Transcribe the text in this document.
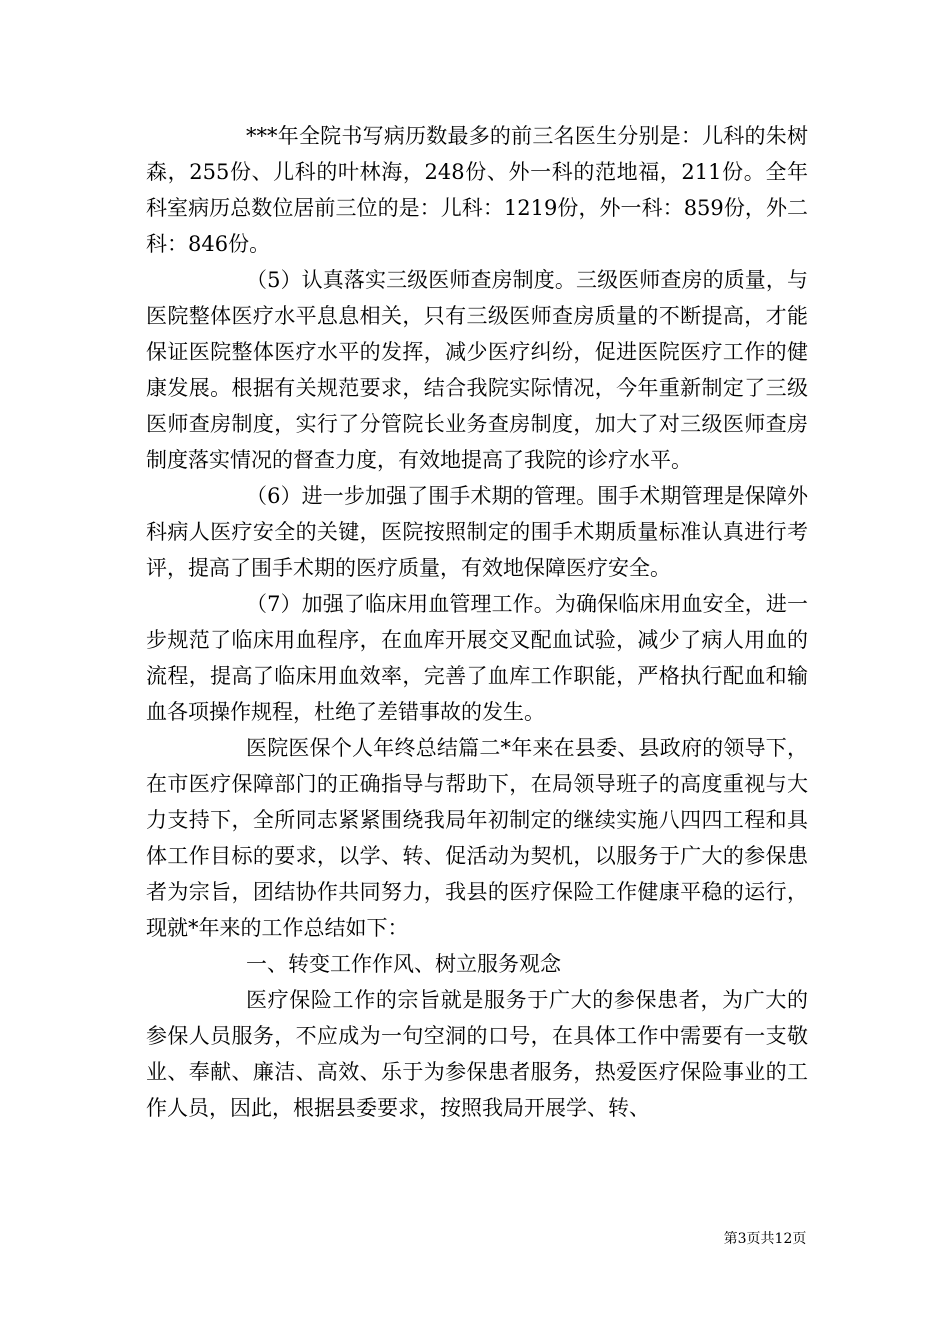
***年全院书写病历数最多的前三名医生分别是：儿科的朱树森，255份、儿科的叶林海，248份、外一科的范地福，211份。全年科室病历总数位居前三位的是：儿科：1219份，外一科：859份，外二科：846份。

（5）认真落实三级医师查房制度。三级医师查房的质量，与医院整体医疗水平息息相关，只有三级医师查房质量的不断提高，才能保证医院整体医疗水平的发挥，减少医疗纠纷，促进医院医疗工作的健康发展。根据有关规范要求，结合我院实际情况，今年重新制定了三级医师查房制度，实行了分管院长业务查房制度，加大了对三级医师查房制度落实情况的督查力度，有效地提高了我院的诊疗水平。

（6）进一步加强了围手术期的管理。围手术期管理是保障外科病人医疗安全的关键，医院按照制定的围手术期质量标准认真进行考评，提高了围手术期的医疗质量，有效地保障医疗安全。

（7）加强了临床用血管理工作。为确保临床用血安全，进一步规范了临床用血程序，在血库开展交叉配血试验，减少了病人用血的流程，提高了临床用血效率，完善了血库工作职能，严格执行配血和输血各项操作规程，杜绝了差错事故的发生。

医院医保个人年终总结篇二*年来在县委、县政府的领导下，在市医疗保障部门的正确指导与帮助下，在局领导班子的高度重视与大力支持下，全所同志紧紧围绕我局年初制定的继续实施八四四工程和具体工作目标的要求，以学、转、促活动为契机，以服务于广大的参保患者为宗旨，团结协作共同努力，我县的医疗保险工作健康平稳的运行，现就*年来的工作总结如下：

一、转变工作作风、树立服务观念

医疗保险工作的宗旨就是服务于广大的参保患者，为广大的参保人员服务，不应成为一句空洞的口号，在具体工作中需要有一支敬业、奉献、廉洁、高效、乐于为参保患者服务，热爱医疗保险事业的工作人员，因此，根据县委要求，按照我局开展学、转、

第3页共12页
